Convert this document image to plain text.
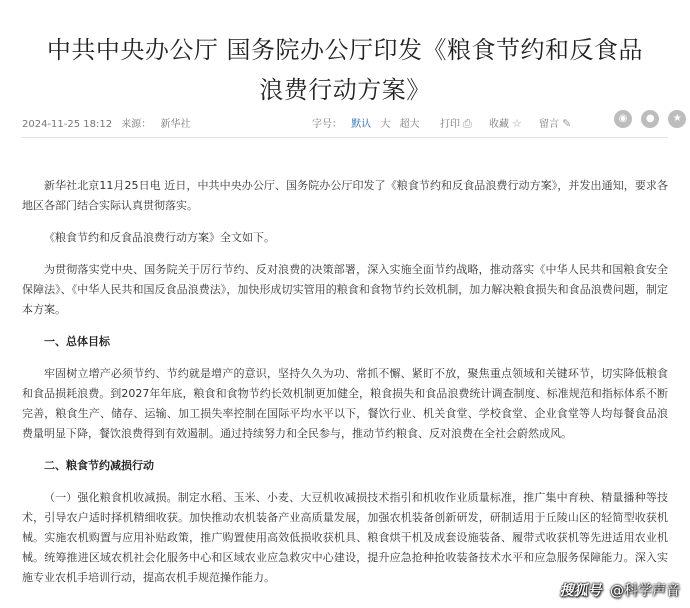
中共中央办公厅 国务院办公厅印发《粮食节约和反食品
浪费行动方案》
2024-11-25 18:12 来源： 新华社	字号： 默认 大 超大	打印 ⎙ 收藏 ☆ 留言 ✎	◉ ● ★

新华社北京11月25日电 近日，中共中央办公厅、国务院办公厅印发了《粮食节约和反食品浪费行动方案》，并发出通知，要求各地区各部门结合实际认真贯彻落实。

《粮食节约和反食品浪费行动方案》全文如下。

为贯彻落实党中央、国务院关于厉行节约、反对浪费的决策部署，深入实施全面节约战略，推动落实《中华人民共和国粮食安全保障法》、《中华人民共和国反食品浪费法》，加快形成切实管用的粮食和食物节约长效机制，加力解决粮食损失和食品浪费问题，制定本方案。

一、总体目标

牢固树立增产必须节约、节约就是增产的意识，坚持久久为功、常抓不懈、紧盯不放，聚焦重点领域和关键环节，切实降低粮食和食品损耗浪费。到2027年年底，粮食和食物节约长效机制更加健全，粮食损失和食品浪费统计调查制度、标准规范和指标体系不断完善，粮食生产、储存、运输、加工损失率控制在国际平均水平以下，餐饮行业、机关食堂、学校食堂、企业食堂等人均每餐食品浪费量明显下降，餐饮浪费得到有效遏制。通过持续努力和全民参与，推动节约粮食、反对浪费在全社会蔚然成风。

二、粮食节约减损行动

（一）强化粮食机收减损。制定水稻、玉米、小麦、大豆机收减损技术指引和机收作业质量标准，推广集中育秧、精量播种等技术，引导农户适时择机精细收获。加快推动农机装备产业高质量发展，加强农机装备创新研发，研制适用于丘陵山区的轻简型收获机械。实施农机购置与应用补贴政策，推广购置使用高效低损收获机具、粮食烘干机及成套设施装备、履带式收获机等先进适用农业机械。统筹推进区域农机社会化服务中心和区域农业应急救灾中心建设，提升应急抢种抢收装备技术水平和应急服务保障能力。深入实施专业农机手培训行动，提高农机手规范操作能力。

搜狐号 @科学声音
